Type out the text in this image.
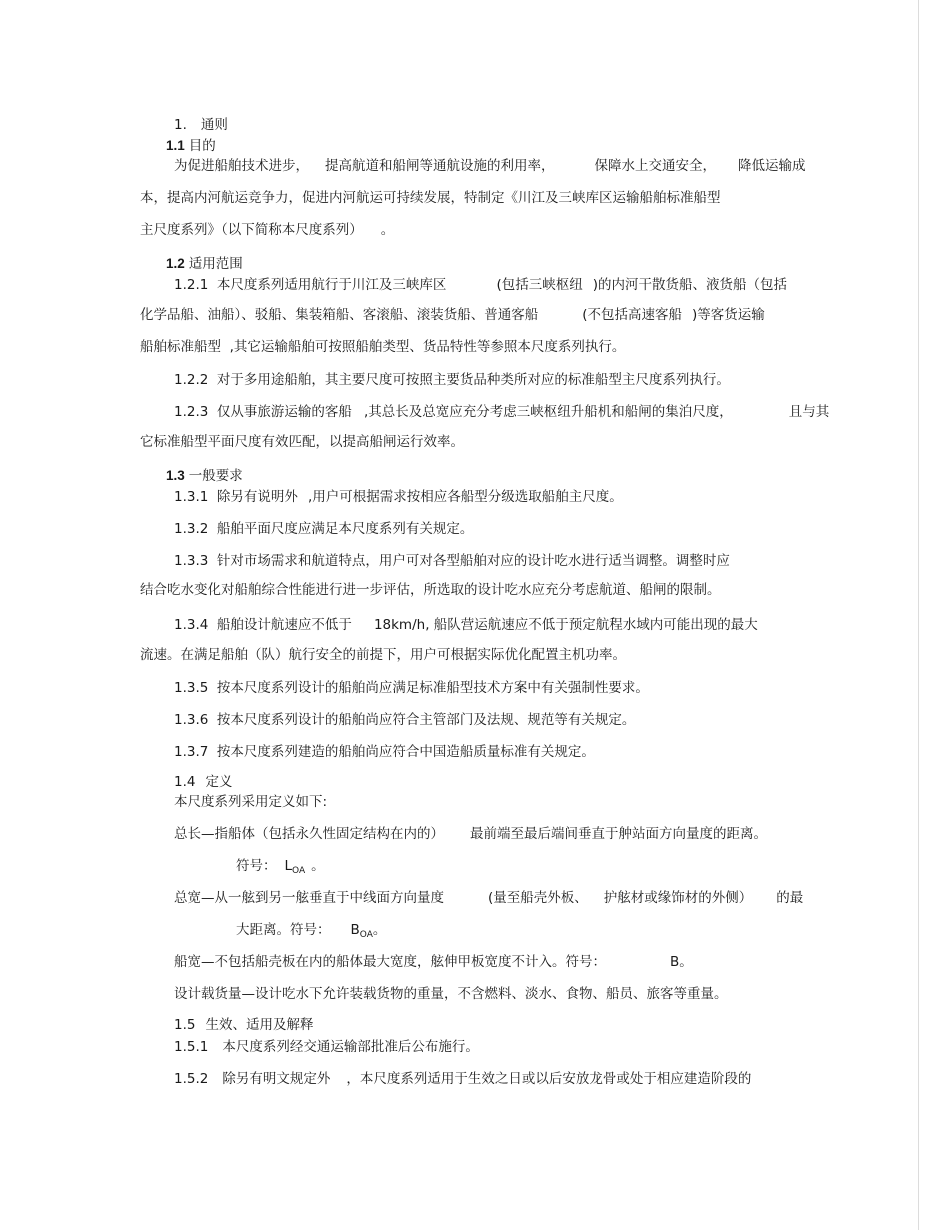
1. 通则
1.1 目的
为促进船舶技术进步， 提高航道和船闸等通航设施的利用率，	保障水上交通安全， 降低运输成
本，提高内河航运竞争力，促进内河航运可持续发展，特制定《川江及三峡库区运输船舶标准船型
主尺度系列》（以下简称本尺度系列） 。
1.2 适用范围
1.2.1  本尺度系列适用航行于川江及三峡库区	(包括三峡枢纽 )的内河干散货船、液货船（包括
化学品船、油船）、驳船、集装箱船、客滚船、滚装货船、普通客船	(不包括高速客船 )等客货运输
船舶标准船型  ,其它运输船舶可按照船舶类型、货品特性等参照本尺度系列执行。
1.2.2  对于多用途船舶，其主要尺度可按照主要货品种类所对应的标准船型主尺度系列执行。
1.2.3  仅从事旅游运输的客船 ,其总长及总宽应充分考虑三峡枢纽升船机和船闸的集泊尺度，	且与其
它标准船型平面尺度有效匹配，以提高船闸运行效率。
1.3 一般要求
1.3.1  除另有说明外 ,用户可根据需求按相应各船型分级选取船舶主尺度。
1.3.2  船舶平面尺度应满足本尺度系列有关规定。
1.3.3  针对市场需求和航道特点，用户可对各型船舶对应的设计吃水进行适当调整。调整时应
结合吃水变化对船舶综合性能进行进一步评估，所选取的设计吃水应充分考虑航道、船闸的限制。
1.3.4  船舶设计航速应不低于 18km/h, 船队营运航速应不低于预定航程水域内可能出现的最大
流速。在满足船舶（队）航行安全的前提下，用户可根据实际优化配置主机功率。
1.3.5  按本尺度系列设计的船舶尚应满足标准船型技术方案中有关强制性要求。
1.3.6  按本尺度系列设计的船舶尚应符合主管部门及法规、规范等有关规定。
1.3.7  按本尺度系列建造的船舶尚应符合中国造船质量标准有关规定。
1.4 定义
本尺度系列采用定义如下:
总长—指船体（包括永久性固定结构在内的） 最前端至最后端间垂直于舯站面方向量度的距离。
符号： $L_{OA}$ 。
总宽—从一舷到另一舷垂直于中线面方向量度	(量至船壳外板、 护舷材或缘饰材的外侧） 的最
大距离。符号： $B_{OA}$。
船宽—不包括船壳板在内的船体最大宽度，舷伸甲板宽度不计入。符号：	B。
设计载货量—设计吃水下允许装载货物的重量，不含燃料、淡水、食物、船员、旅客等重量。
1.5 生效、适用及解释
1.5.1 本尺度系列经交通运输部批准后公布施行。
1.5.2 除另有明文规定外 ，本尺度系列适用于生效之日或以后安放龙骨或处于相应建造阶段的
